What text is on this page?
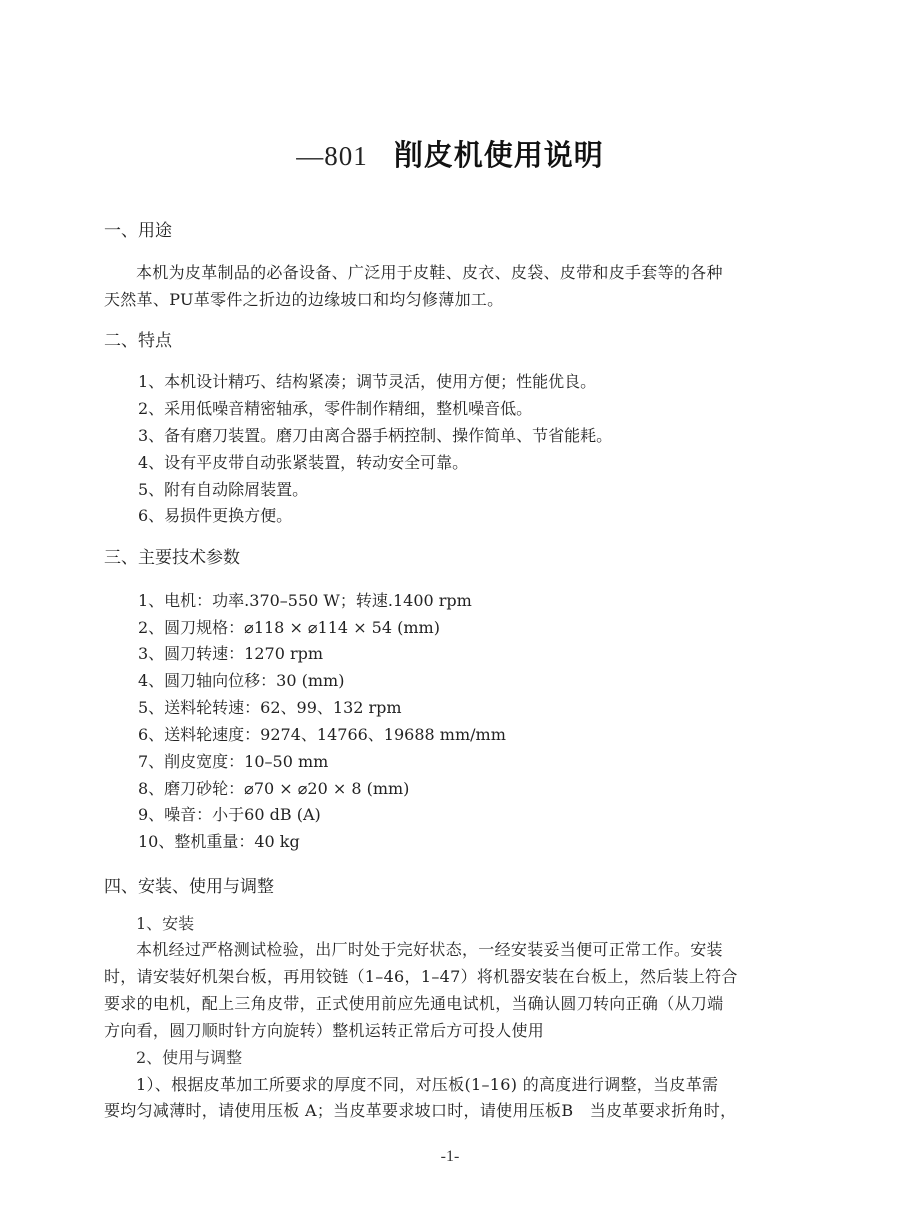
—801 削皮机使用说明
一、用途
本机为皮革制品的必备设备、广泛用于皮鞋、皮衣、皮袋、皮带和皮手套等的各种
天然革、PU革零件之折边的边缘坡口和均匀修薄加工。
二、特点
1、本机设计精巧、结构紧凑；调节灵活，使用方便；性能优良。
2、采用低噪音精密轴承，零件制作精细，整机噪音低。
3、备有磨刀装置。磨刀由离合器手柄控制、操作简单、节省能耗。
4、设有平皮带自动张紧装置，转动安全可靠。
5、附有自动除屑装置。
6、易损件更换方便。
三、主要技术参数
1、电机：功率.370–550 W；转速.1400 rpm
2、圆刀规格：⌀118 × ⌀114 × 54 (mm)
3、圆刀转速：1270 rpm
4、圆刀轴向位移：30 (mm)
5、送料轮转速：62、99、132 rpm
6、送料轮速度：9274、14766、19688 mm/mm
7、削皮宽度：10–50 mm
8、磨刀砂轮：⌀70 × ⌀20 × 8 (mm)
9、噪音：小于60 dB (A)
10、整机重量：40 kg
四、安装、使用与调整
1、安装
本机经过严格测试检验，出厂时处于完好状态，一经安装妥当便可正常工作。安装
时，请安装好机架台板，再用铰链（1–46，1–47）将机器安装在台板上，然后装上符合
要求的电机，配上三角皮带，正式使用前应先通电试机，当确认圆刀转向正确（从刀端
方向看，圆刀顺时针方向旋转）整机运转正常后方可投人使用
2、使用与调整
1）、根据皮革加工所要求的厚度不同，对压板(1–16) 的高度进行调整，当皮革需
要均匀减薄时，请使用压板 A；当皮革要求坡口时，请使用压板B　当皮革要求折角时，
-1-
